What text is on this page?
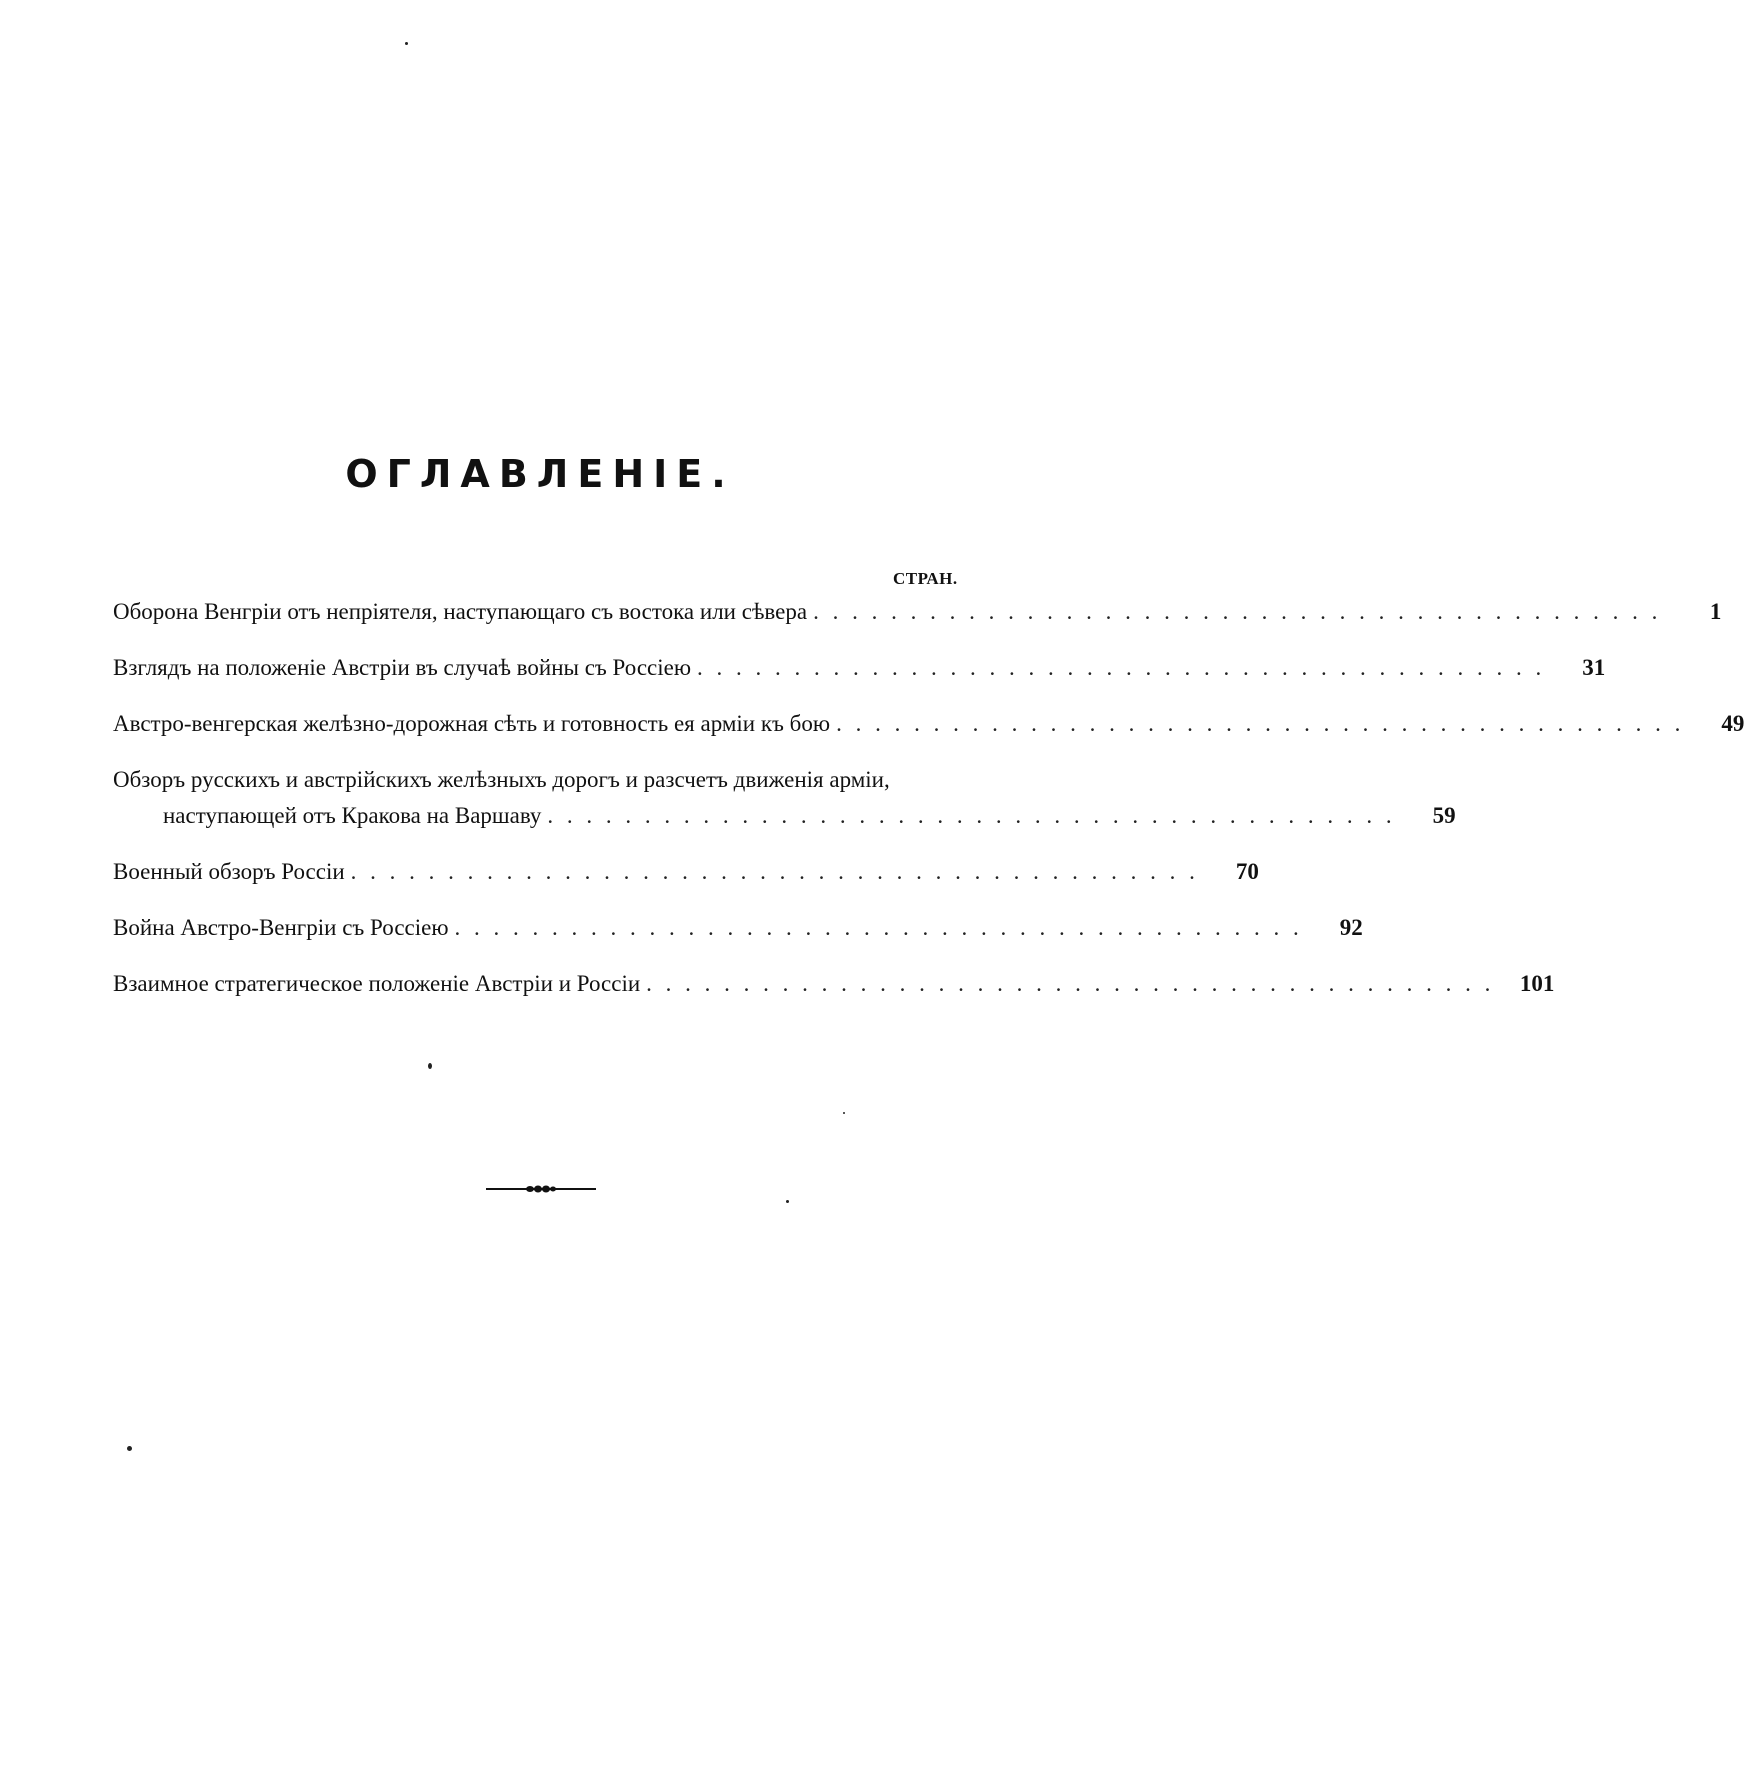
ОГЛАВЛЕНIЕ.
СТРАН.
Оборона Венгріи отъ непріятеля, наступающаго съ востока или сѣвера . . . . . . . . . . . . . . . . . . . . . . . . . . . . . . . . . . . . . . . . . . . .	1
Взглядъ на положеніе Австріи въ случаѣ войны съ Россіею . . . . . . . . . . . . . . . . . . . . . . . . . . . . . . . . . . . . . . . . . . . .	31
Австро-венгерская желѣзно-дорожная сѣть и готовность ея арміи къ бою . . . . . . . . . . . . . . . . . . . . . . . . . . . . . . . . . . . . . . . . . . . .	49
Обзоръ русскихъ и австрійскихъ желѣзныхъ дорогъ и разсчетъ движенія арміи,
наступающей отъ Кракова на Варшаву . . . . . . . . . . . . . . . . . . . . . . . . . . . . . . . . . . . . . . . . . . . .	59
Военный обзоръ Россіи . . . . . . . . . . . . . . . . . . . . . . . . . . . . . . . . . . . . . . . . . . . .	70
Война Австро-Венгріи съ Россіею . . . . . . . . . . . . . . . . . . . . . . . . . . . . . . . . . . . . . . . . . . . .	92
Взаимное стратегическое положеніе Австріи и Россіи . . . . . . . . . . . . . . . . . . . . . . . . . . . . . . . . . . . . . . . . . . . .	101
